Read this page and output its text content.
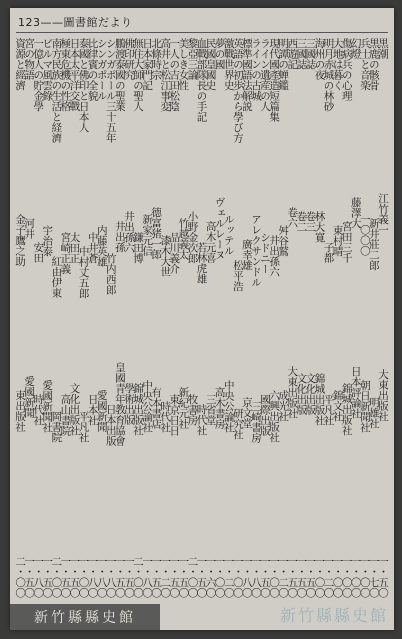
123——圖書館だより
黒潮
江竹義一
大東出版社
一・五〇
黒鹿の骸骨
新井莊二郎
明雄社
一・七〇
兵士と音楽
一〇〇〇
朝日新聞社
一・〇〇
幻燈
藤澤大
日本評論社
一・〇〇
傷病兵の心理
宮田三千
錦城出版社
一・〇〇
大地は暮く
東村晴
錦文社
一・〇〇
明月赤城の林砂
子都
平凡社
一・二〇
海州の夜
林大寛
錦城出版社
一・〇〇
三國誌
卷三
文化出版
一・五〇
三國誌
卷二
文化出版
一・五〇
西遊記
卷六
大東出版社
一・五〇
明譚の蝉鑑
舛谷鷲
成光社
一・二〇
現代國產造短篇集
井出孫六
六興出版社
一・〇〇
ライン遺産の人
シドニー
國際出版
一・五〇
ラインの古城
アレクサンドル
三崎書房
一・八〇
標準國語法解説
廣幸雄
京文堂
一・八〇
英語の初歩から學び方
松平浩
研究社
一・〇〇
激戰世界史
ルッテル
中央公論社
一・二〇
夢の國
ヴェルレーヌ
高木書房
一・〇〇
民國皇國史
高木元喜
三省堂
一・六〇
血戰部隊長の手記
若林虎雄
時代社
一・五〇
黎亞三論
小野金次郎
牧書房
二・〇〇
美しき女性
竹越義太
新紀元社
一・五〇
一人の吉田松陰
品川義介
東京日日
一・五〇
高井と松江事変
漆木大世
時代社
一・二〇
北條時宗
德富猪一郎
有本書店
一・五〇
日本家門記
新家元信
中央公論社
一・八〇
無住大師の聖人
鎌田博
錦城出版社
二・〇〇
佛印研究
井出孫六
學術出版
一・五〇
鵬渡泰國の聖業
井出孫
皇國青年教育協會
一・五〇
シンガポール三十五年
竹内西郎
日本出版
一・八〇
シンガポール
内藤英雄
愛國新聞
一・八〇
比律賓の全貌
中井蒼
日本社
一・八〇
泰國と佛印と日本人
中村丈五郎
平凡社
一・〇〇
日本太平洋交戰
太田正
文化出版社
一・五〇
極東危機の性格
宮崎正義
高山書院
一・五〇
南方民族の生活と経濟
紅由伊東
岡書院
二・〇〇
ビルマ風雲錄
宇治泰
愛國新聞社
一・五〇
一億人の貯金學
安田
時代社
一・八〇
宮の物語
河井
愛國新聞
一・五〇
資源と經濟
金子鷹之助
東出版社
二・〇〇
新竹縣縣史館	新竹縣縣史館
